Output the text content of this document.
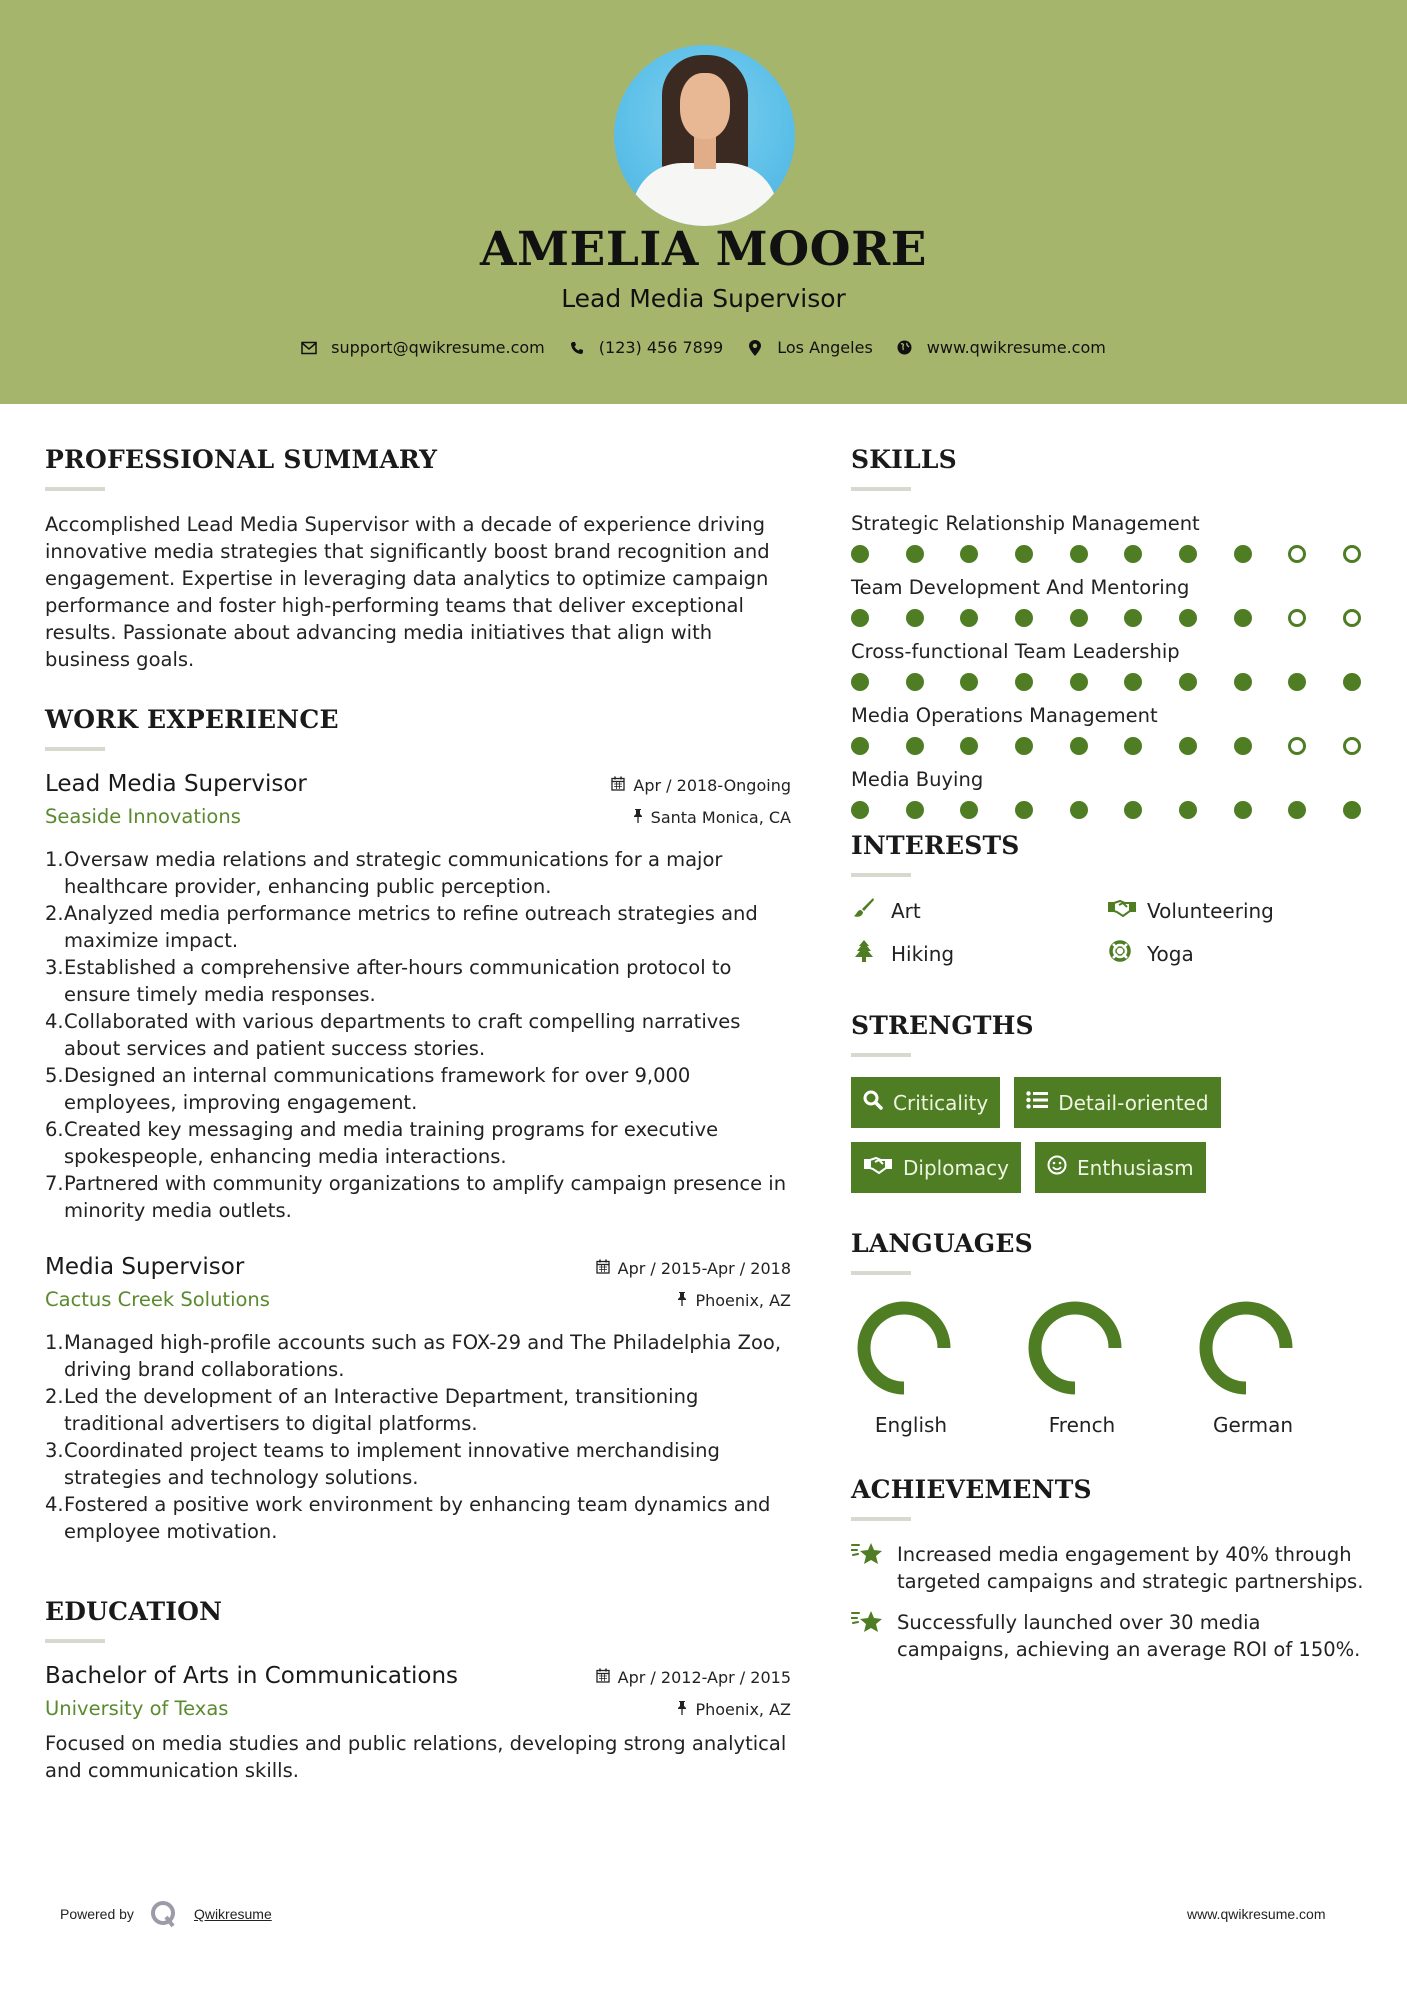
AMELIA MOORE
Lead Media Supervisor
support@qwikresume.com	(123) 456 7899	Los Angeles	www.qwikresume.com
PROFESSIONAL SUMMARY
Accomplished Lead Media Supervisor with a decade of experience driving innovative media strategies that significantly boost brand recognition and engagement. Expertise in leveraging data analytics to optimize campaign performance and foster high-performing teams that deliver exceptional results. Passionate about advancing media initiatives that align with business goals.
WORK EXPERIENCE
Lead Media Supervisor	Apr / 2018-Ongoing
Seaside Innovations	Santa Monica, CA
1. Oversaw media relations and strategic communications for a major healthcare provider, enhancing public perception.
2. Analyzed media performance metrics to refine outreach strategies and maximize impact.
3. Established a comprehensive after-hours communication protocol to ensure timely media responses.
4. Collaborated with various departments to craft compelling narratives about services and patient success stories.
5. Designed an internal communications framework for over 9,000 employees, improving engagement.
6. Created key messaging and media training programs for executive spokespeople, enhancing media interactions.
7. Partnered with community organizations to amplify campaign presence in minority media outlets.
Media Supervisor	Apr / 2015-Apr / 2018
Cactus Creek Solutions	Phoenix, AZ
1. Managed high-profile accounts such as FOX-29 and The Philadelphia Zoo, driving brand collaborations.
2. Led the development of an Interactive Department, transitioning traditional advertisers to digital platforms.
3. Coordinated project teams to implement innovative merchandising strategies and technology solutions.
4. Fostered a positive work environment by enhancing team dynamics and employee motivation.
EDUCATION
Bachelor of Arts in Communications	Apr / 2012-Apr / 2015
University of Texas	Phoenix, AZ
Focused on media studies and public relations, developing strong analytical and communication skills.
SKILLS
Strategic Relationship Management
Team Development And Mentoring
Cross-functional Team Leadership
Media Operations Management
Media Buying
INTERESTS
Art	Volunteering
Hiking	Yoga
STRENGTHS
Criticality	Detail-oriented
Diplomacy	Enthusiasm
LANGUAGES
English	French	German
ACHIEVEMENTS
Increased media engagement by 40% through targeted campaigns and strategic partnerships.
Successfully launched over 30 media campaigns, achieving an average ROI of 150%.
Powered by	Qwikresume	www.qwikresume.com
